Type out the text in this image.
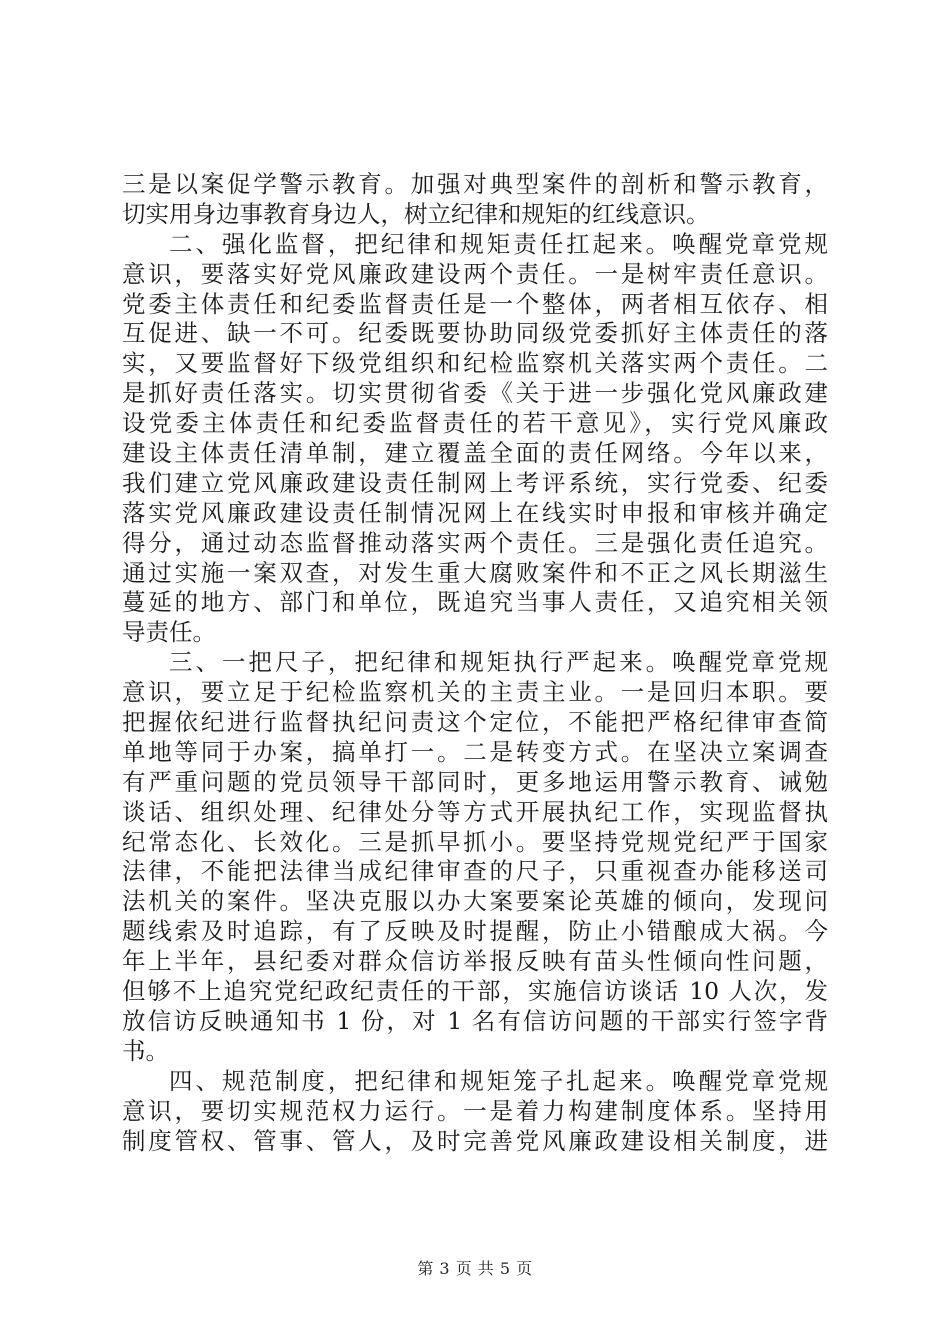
三是以案促学警示教育。加强对典型案件的剖析和警示教育，
切实用身边事教育身边人，树立纪律和规矩的红线意识。
二、强化监督，把纪律和规矩责任扛起来。唤醒党章党规
意识，要落实好党风廉政建设两个责任。一是树牢责任意识。
党委主体责任和纪委监督责任是一个整体，两者相互依存、相
互促进、缺一不可。纪委既要协助同级党委抓好主体责任的落
实，又要监督好下级党组织和纪检监察机关落实两个责任。二
是抓好责任落实。切实贯彻省委《关于进一步强化党风廉政建
设党委主体责任和纪委监督责任的若干意见》，实行党风廉政
建设主体责任清单制，建立覆盖全面的责任网络。今年以来，
我们建立党风廉政建设责任制网上考评系统，实行党委、纪委
落实党风廉政建设责任制情况网上在线实时申报和审核并确定
得分，通过动态监督推动落实两个责任。三是强化责任追究。
通过实施一案双查，对发生重大腐败案件和不正之风长期滋生
蔓延的地方、部门和单位，既追究当事人责任，又追究相关领
导责任。
三、一把尺子，把纪律和规矩执行严起来。唤醒党章党规
意识，要立足于纪检监察机关的主责主业。一是回归本职。要
把握依纪进行监督执纪问责这个定位，不能把严格纪律审查简
单地等同于办案，搞单打一。二是转变方式。在坚决立案调查
有严重问题的党员领导干部同时，更多地运用警示教育、诫勉
谈话、组织处理、纪律处分等方式开展执纪工作，实现监督执
纪常态化、长效化。三是抓早抓小。要坚持党规党纪严于国家
法律，不能把法律当成纪律审查的尺子，只重视查办能移送司
法机关的案件。坚决克服以办大案要案论英雄的倾向，发现问
题线索及时追踪，有了反映及时提醒，防止小错酿成大祸。今
年上半年，县纪委对群众信访举报反映有苗头性倾向性问题，
但够不上追究党纪政纪责任的干部，实施信访谈话 10 人次，发
放信访反映通知书 1 份，对 1 名有信访问题的干部实行签字背
书。
四、规范制度，把纪律和规矩笼子扎起来。唤醒党章党规
意识，要切实规范权力运行。一是着力构建制度体系。坚持用
制度管权、管事、管人，及时完善党风廉政建设相关制度，进
第 3 页 共 5 页
